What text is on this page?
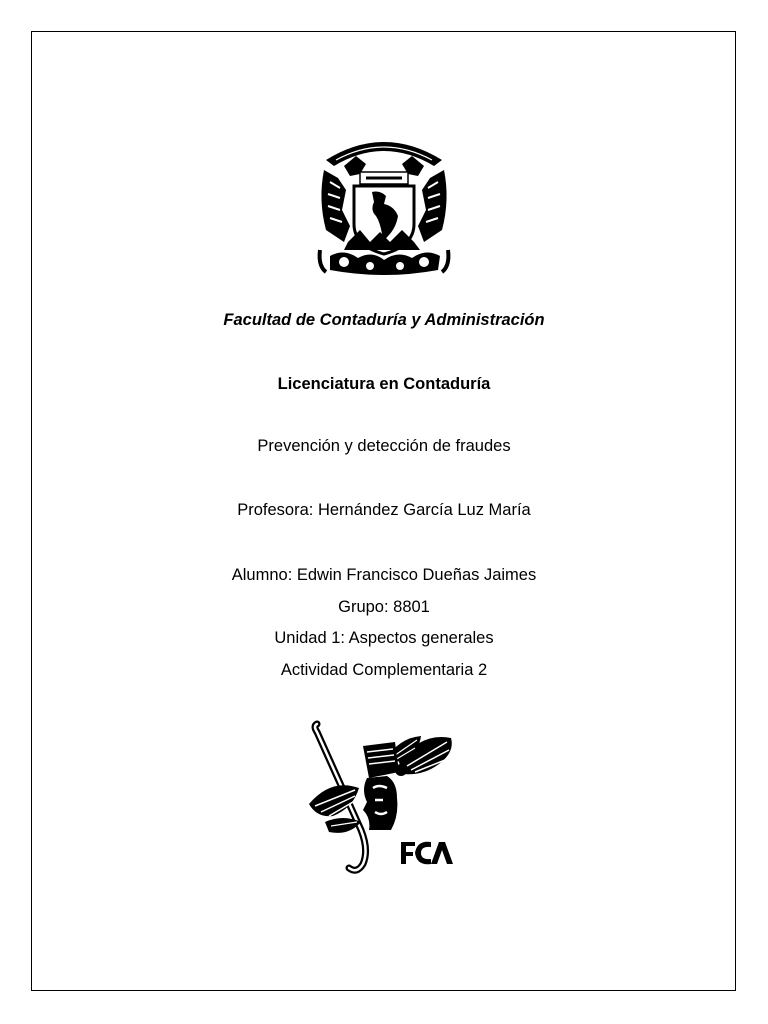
Facultad de Contaduría y Administración
Licenciatura en Contaduría
Prevención y detección de fraudes
Profesora: Hernández García Luz María
Alumno: Edwin Francisco Dueñas Jaimes
Grupo: 8801
Unidad 1: Aspectos generales
Actividad Complementaria 2
